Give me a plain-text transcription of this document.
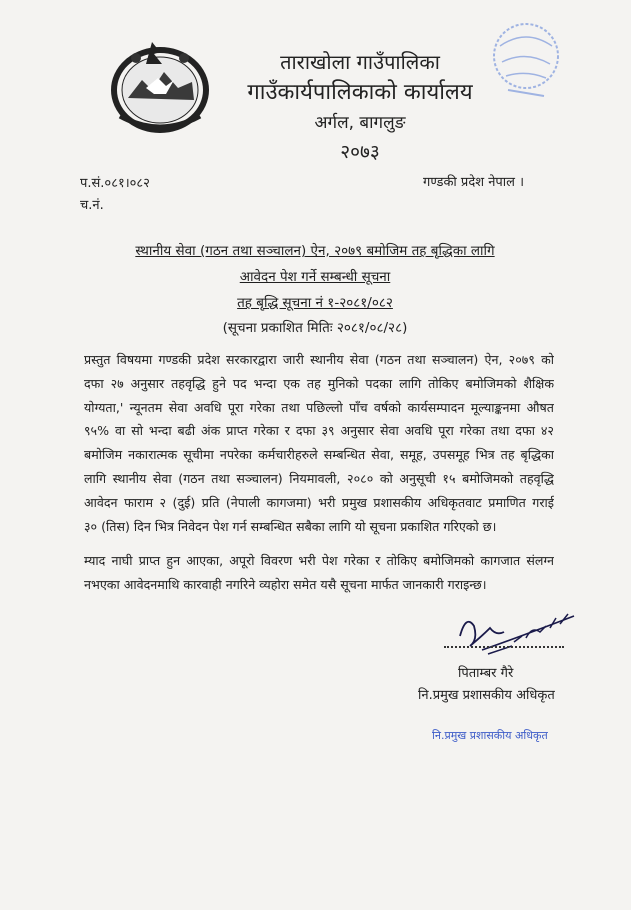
ताराखोला गाउँपालिका
गाउँकार्यपालिकाको कार्यालय
अर्गल, बागलुङ
२०७३
प.सं.०८१।०८२
च.नं.
गण्डकी प्रदेश नेपाल ।
स्थानीय सेवा (गठन तथा सञ्चालन) ऐन, २०७९ बमोजिम तह बृद्धिका लागि
आवेदन पेश गर्ने सम्बन्धी सूचना
तह बृद्धि सूचना नं १-२०८१/०८२
(सूचना प्रकाशित मितिः २०८१/०८/२८)
प्रस्तुत विषयमा गण्डकी प्रदेश सरकारद्वारा जारी स्थानीय सेवा (गठन तथा सञ्चालन) ऐन, २०७९ को
दफा २७ अनुसार तहवृद्धि हुने पद भन्दा एक तह मुनिको पदका लागि तोकिए बमोजिमको शैक्षिक
योग्यता,' न्यूनतम सेवा अवधि पूरा गरेका तथा पछिल्लो पाँच वर्षको कार्यसम्पादन मूल्याङ्कनमा औषत
९५% वा सो भन्दा बढी अंक प्राप्त गरेका र दफा ३९ अनुसार सेवा अवधि पूरा गरेका तथा दफा ४२
बमोजिम नकारात्मक सूचीमा नपरेका कर्मचारीहरुले सम्बन्धित सेवा, समूह, उपसमूह भित्र तह बृद्धिका
लागि स्थानीय सेवा (गठन तथा सञ्चालन) नियमावली, २०८० को अनुसूची १५ बमोजिमको तहवृद्धि
आवेदन फाराम २ (दुई) प्रति (नेपाली कागजमा) भरी प्रमुख प्रशासकीय अधिकृतवाट प्रमाणित गराई
३० (तिस) दिन भित्र निवेदन पेश गर्न सम्बन्धित सबैका लागि यो सूचना प्रकाशित गरिएको छ।
म्याद नाघी प्राप्त हुन आएका, अपूरो विवरण भरी पेश गरेका र तोकिए बमोजिमको कागजात संलग्न
नभएका आवेदनमाथि कारवाही नगरिने व्यहोरा समेत यसै सूचना मार्फत जानकारी गराइन्छ।
पिताम्बर गैरे
नि.प्रमुख प्रशासकीय अधिकृत
नि.प्रमुख प्रशासकीय अधिकृत
